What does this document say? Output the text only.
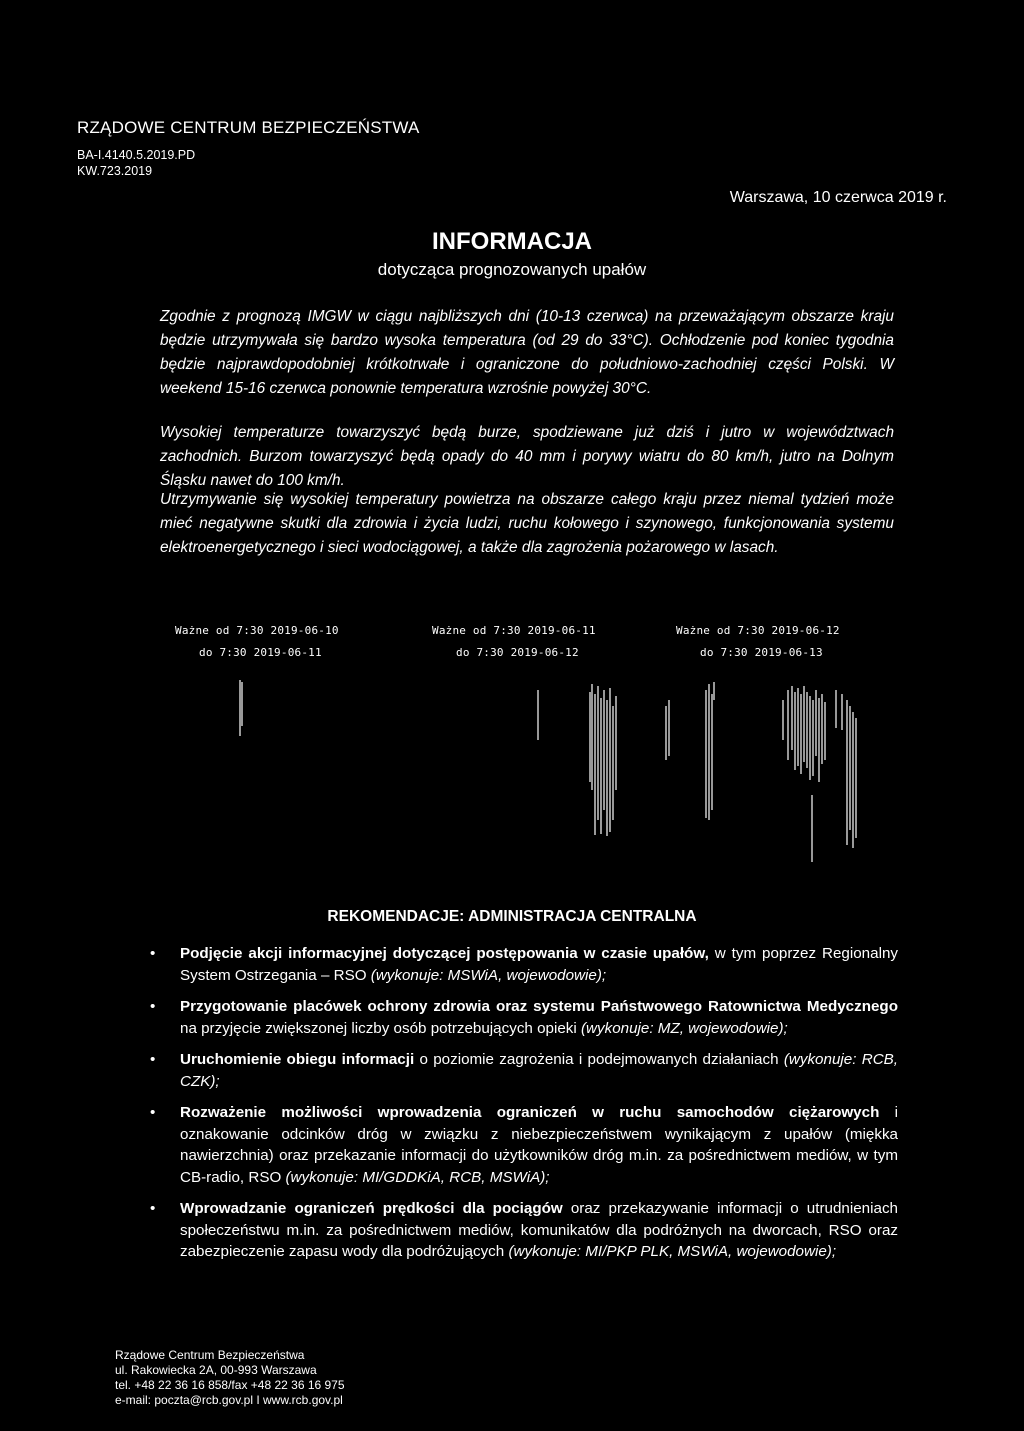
RZĄDOWE CENTRUM BEZPIECZEŃSTWA
BA-I.4140.5.2019.PD
KW.723.2019
Warszawa, 10 czerwca 2019 r.
INFORMACJA
dotycząca prognozowanych upałów
Zgodnie z prognozą IMGW w ciągu najbliższych dni (10-13 czerwca) na przeważającym obszarze kraju będzie utrzymywała się bardzo wysoka temperatura (od 29 do 33°C). Ochłodzenie pod koniec tygodnia będzie najprawdopodobniej krótkotrwałe i ograniczone do południowo-zachodniej części Polski. W weekend 15-16 czerwca ponownie temperatura wzrośnie powyżej 30°C.
Wysokiej temperaturze towarzyszyć będą burze, spodziewane już dziś i jutro w województwach zachodnich. Burzom towarzyszyć będą opady do 40 mm i porywy wiatru do 80 km/h, jutro na Dolnym Śląsku nawet do 100 km/h.
Utrzymywanie się wysokiej temperatury powietrza na obszarze całego kraju przez niemal tydzień może mieć negatywne skutki dla zdrowia i życia ludzi, ruchu kołowego i szynowego, funkcjonowania systemu elektroenergetycznego i sieci wodociągowej, a także dla zagrożenia pożarowego w lasach.
Ważne od 7:30 2019-06-10
do 7:30 2019-06-11
Ważne od 7:30 2019-06-11
do 7:30 2019-06-12
Ważne od 7:30 2019-06-12
do 7:30 2019-06-13
REKOMENDACJE: ADMINISTRACJA CENTRALNA
• Podjęcie akcji informacyjnej dotyczącej postępowania w czasie upałów, w tym poprzez Regionalny System Ostrzegania – RSO (wykonuje: MSWiA, wojewodowie);
• Przygotowanie placówek ochrony zdrowia oraz systemu Państwowego Ratownictwa Medycznego na przyjęcie zwiększonej liczby osób potrzebujących opieki (wykonuje: MZ, wojewodowie);
• Uruchomienie obiegu informacji o poziomie zagrożenia i podejmowanych działaniach (wykonuje: RCB, CZK);
• Rozważenie możliwości wprowadzenia ograniczeń w ruchu samochodów ciężarowych i oznakowanie odcinków dróg w związku z niebezpieczeństwem wynikającym z upałów (miękka nawierzchnia) oraz przekazanie informacji do użytkowników dróg m.in. za pośrednictwem mediów, w tym CB-radio, RSO (wykonuje: MI/GDDKiA, RCB, MSWiA);
• Wprowadzanie ograniczeń prędkości dla pociągów oraz przekazywanie informacji o utrudnieniach społeczeństwu m.in. za pośrednictwem mediów, komunikatów dla podróżnych na dworcach, RSO oraz zabezpieczenie zapasu wody dla podróżujących (wykonuje: MI/PKP PLK, MSWiA, wojewodowie);
Rządowe Centrum Bezpieczeństwa
ul. Rakowiecka 2A, 00-993 Warszawa
tel. +48 22 36 16 858/fax +48 22 36 16 975
e-mail: poczta@rcb.gov.pl I www.rcb.gov.pl
